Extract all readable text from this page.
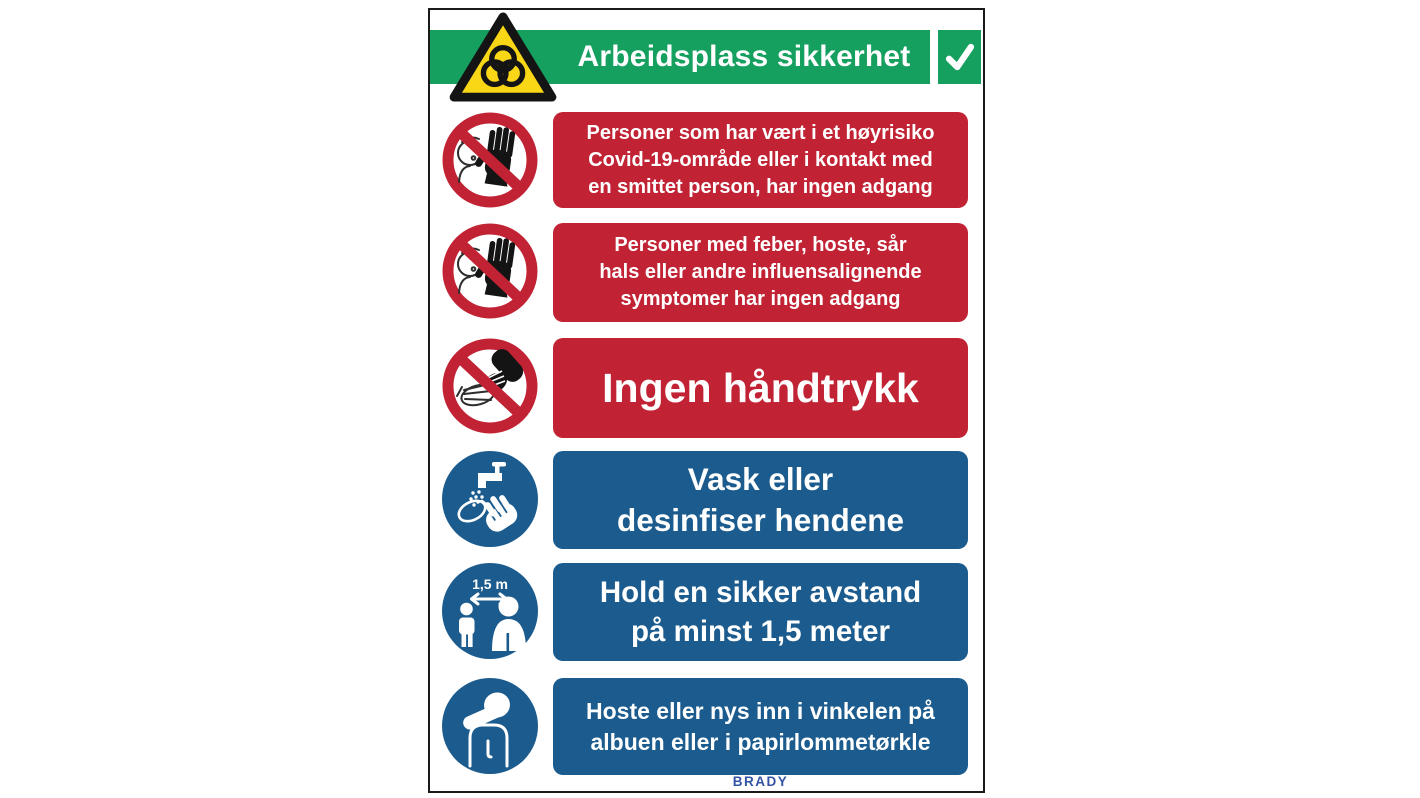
Arbeidsplass sikkerhet
Personer som har vært i et høyrisiko
Covid-19-område eller i kontakt med
en smittet person, har ingen adgang
Personer med feber, hoste, sår
hals eller andre influensalignende
symptomer har ingen adgang
Ingen håndtrykk
Vask eller
desinfiser hendene
1,5 m	Hold en sikker avstand
på minst 1,5 meter
Hoste eller nys inn i vinkelen på
albuen eller i papirlommetørkle
BRADY
